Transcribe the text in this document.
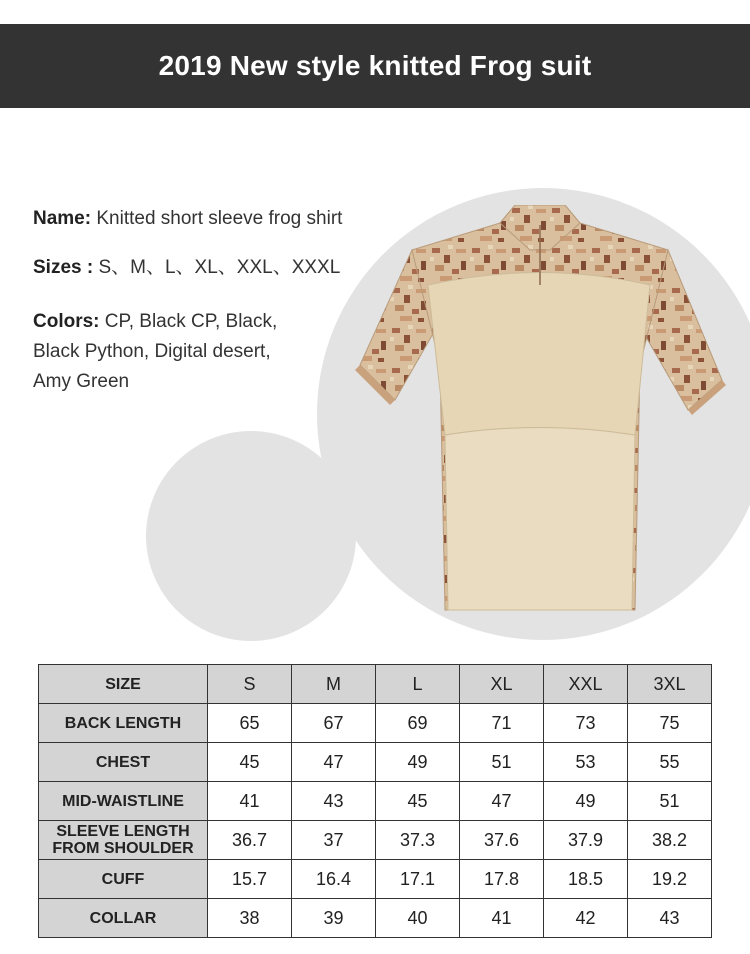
2019 New style knitted Frog suit
Name: Knitted short sleeve frog shirt
Sizes : S、M、L、XL、XXL、XXXL
Colors: CP, Black CP, Black,
Black Python, Digital desert,
Amy Green
SIZE	S	M	L	XL	XXL	3XL
BACK LENGTH	65	67	69	71	73	75
CHEST	45	47	49	51	53	55
MID-WAISTLINE	41	43	45	47	49	51
SLEEVE LENGTH FROM SHOULDER	36.7	37	37.3	37.6	37.9	38.2
CUFF	15.7	16.4	17.1	17.8	18.5	19.2
COLLAR	38	39	40	41	42	43
